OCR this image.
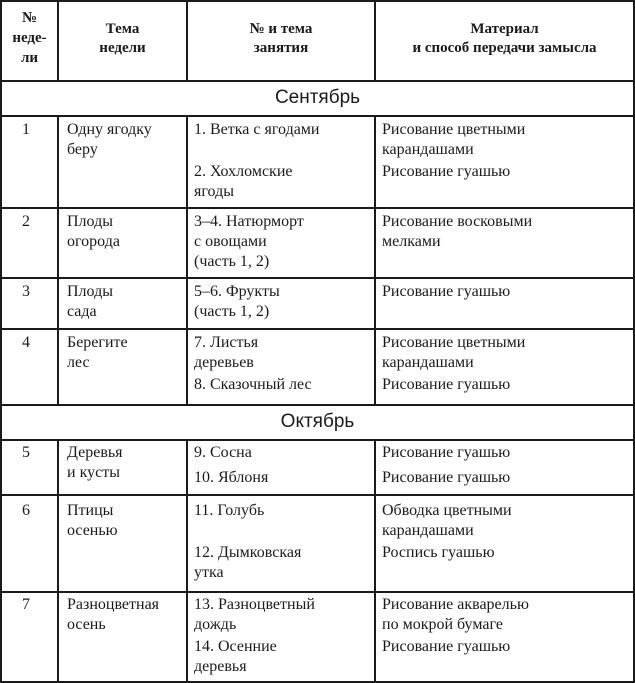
№
неде-
ли
Тема
недели
№ и тема
занятия
Материал
и способ передачи замысла
Сентябрь
Октябрь
1 Одну ягодку
беру
1. Ветка с ягодами
2. Хохломские
ягоды
Рисование цветными
карандашами
Рисование гуашью
2 Плоды
огорода
3–4. Натюрморт
с овощами
(часть 1, 2)
Рисование восковыми
мелками
3 Плоды
сада
5–6. Фрукты
(часть 1, 2)
Рисование гуашью
4 Берегите
лес
7. Листья
деревьев
8. Сказочный лес
Рисование цветными
карандашами
Рисование гуашью
5 Деревья
и кусты
9. Сосна
10. Яблоня
Рисование гуашью
Рисование гуашью
6 Птицы
осенью
11. Голубь
12. Дымковская
утка
Обводка цветными
карандашами
Роспись гуашью
7 Разноцветная
осень
13. Разноцветный
дождь
14. Осенние
деревья
Рисование акварелью
по мокрой бумаге
Рисование гуашью
